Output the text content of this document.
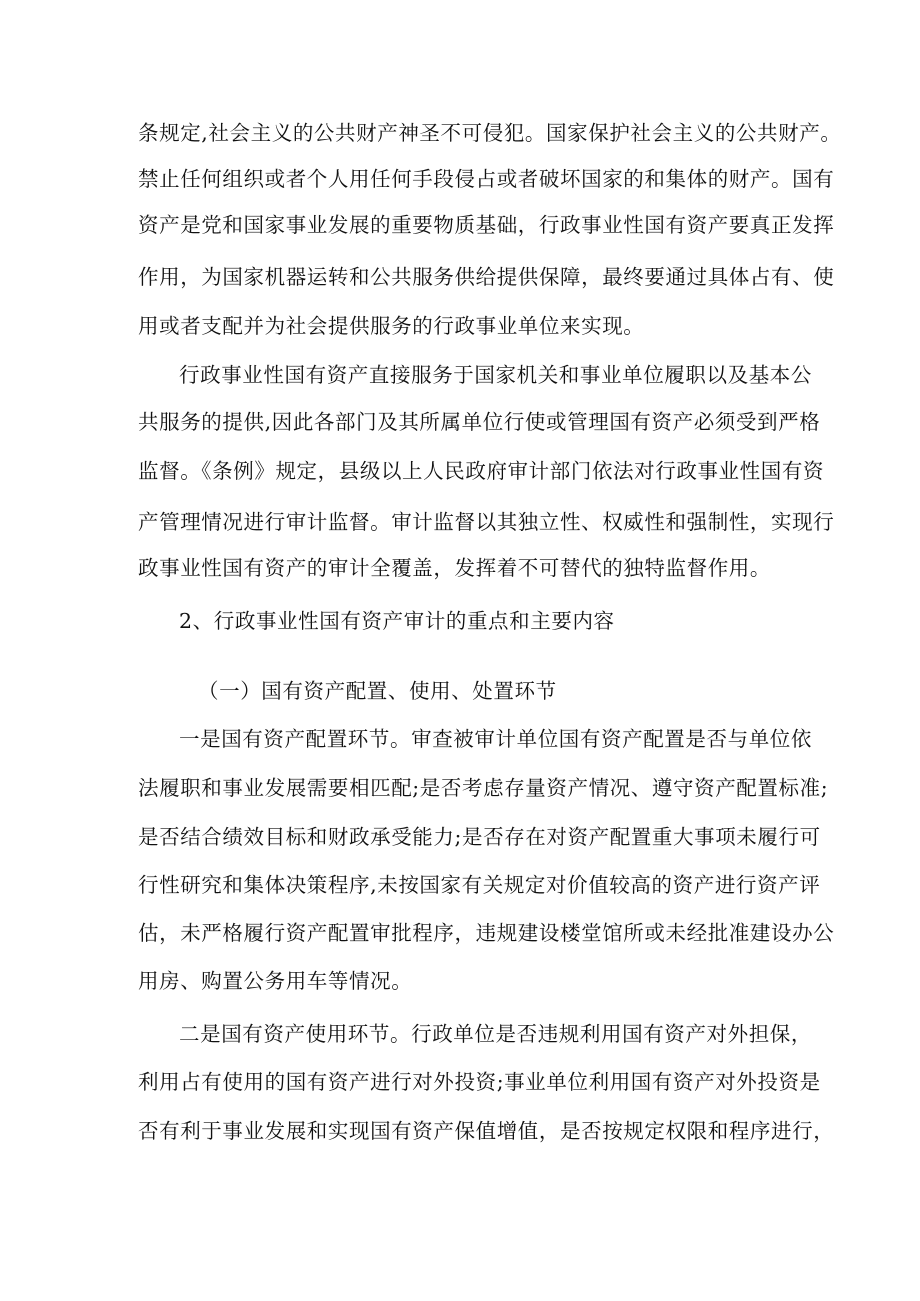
条规定,社会主义的公共财产神圣不可侵犯。国家保护社会主义的公共财产。
禁止任何组织或者个人用任何手段侵占或者破坏国家的和集体的财产。国有
资产是党和国家事业发展的重要物质基础，行政事业性国有资产要真正发挥
作用，为国家机器运转和公共服务供给提供保障，最终要通过具体占有、使
用或者支配并为社会提供服务的行政事业单位来实现。
行政事业性国有资产直接服务于国家机关和事业单位履职以及基本公
共服务的提供,因此各部门及其所属单位行使或管理国有资产必须受到严格
监督。《条例》规定，县级以上人民政府审计部门依法对行政事业性国有资
产管理情况进行审计监督。审计监督以其独立性、权威性和强制性，实现行
政事业性国有资产的审计全覆盖，发挥着不可替代的独特监督作用。
2、行政事业性国有资产审计的重点和主要内容
（一）国有资产配置、使用、处置环节
一是国有资产配置环节。审查被审计单位国有资产配置是否与单位依
法履职和事业发展需要相匹配;是否考虑存量资产情况、遵守资产配置标准;
是否结合绩效目标和财政承受能力;是否存在对资产配置重大事项未履行可
行性研究和集体决策程序,未按国家有关规定对价值较高的资产进行资产评
估，未严格履行资产配置审批程序，违规建设楼堂馆所或未经批准建设办公
用房、购置公务用车等情况。
二是国有资产使用环节。行政单位是否违规利用国有资产对外担保，
利用占有使用的国有资产进行对外投资;事业单位利用国有资产对外投资是
否有利于事业发展和实现国有资产保值增值，是否按规定权限和程序进行，
